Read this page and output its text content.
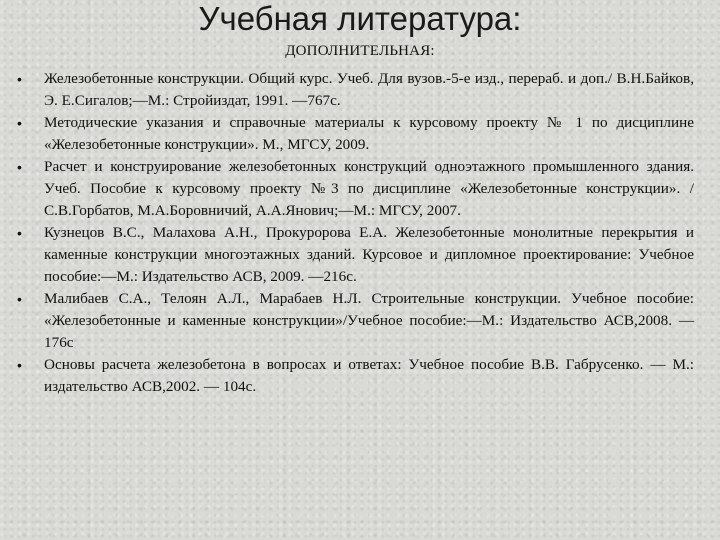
Учебная литература:
ДОПОЛНИТЕЛЬНАЯ:
• Железобетонные конструкции. Общий курс. Учеб. Для вузов.-5-е изд., перераб. и доп./ В.Н.Байков, Э. Е.Сигалов;—М.: Стройиздат, 1991. —767с.
• Методические указания и справочные материалы к курсовому проекту № 1 по дисциплине «Железобетонные конструкции». М., МГСУ, 2009.
• Расчет и конструирование железобетонных конструкций одноэтажного промышленного здания. Учеб. Пособие к курсовому проекту №3 по дисциплине «Железобетонные конструкции». /С.В.Горбатов, М.А.Боровничий, А.А.Янович;—М.: МГСУ, 2007.
• Кузнецов В.С., Малахова А.Н., Прокуророва Е.А. Железобетонные монолитные перекрытия и каменные конструкции многоэтажных зданий. Курсовое и дипломное проектирование: Учебное пособие:—М.: Издательство АСВ, 2009. —216с.
• Малибаев С.А., Телоян А.Л., Марабаев Н.Л. Строительные конструкции. Учебное пособие: «Железобетонные и каменные конструкции»/Учебное пособие:—М.: Издательство АСВ,2008. — 176с
• Основы расчета железобетона в вопросах и ответах: Учебное пособие В.В. Габрусенко. — М.: издательство АСВ,2002. — 104с.
